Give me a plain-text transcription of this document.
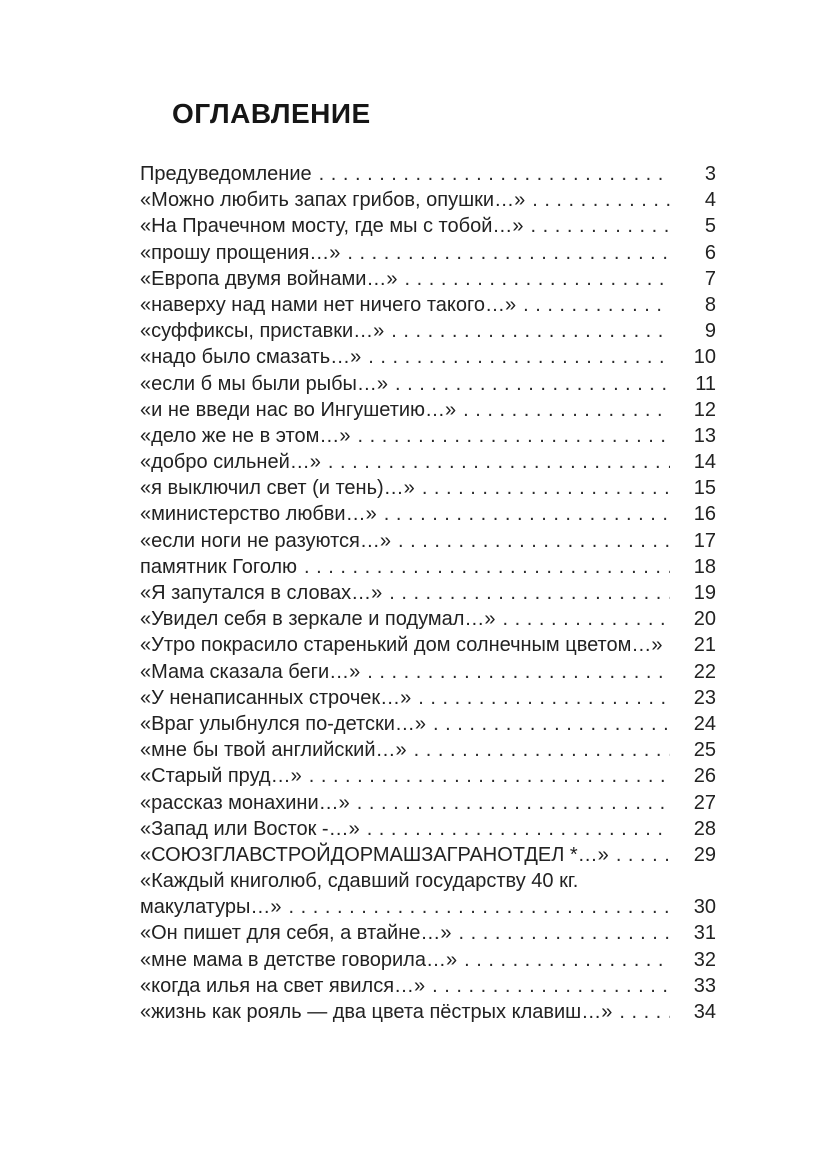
ОГЛАВЛЕНИЕ
Предуведомление . . .	3
«Можно любить запах грибов, опушки…» . . .	4
«На Прачечном мосту, где мы с тобой…» . . .	5
«прошу прощения…» . . .	6
«Европа двумя войнами…» . . .	7
«наверху над нами нет ничего такого…» . . .	8
«суффиксы, приставки…» . . .	9
«надо было смазать…» . . .	10
«если б мы были рыбы…» . . .	11
«и не введи нас во Ингушетию…» . . .	12
«дело же не в этом…» . . .	13
«добро сильней…» . . .	14
«я выключил свет (и тень)…» . . .	15
«министерство любви…» . . .	16
«если ноги не разуются…» . . .	17
памятник Гоголю . . .	18
«Я запутался в словах…» . . .	19
«Увидел себя в зеркале и подумал…» . . .	20
«Утро покрасило старенький дом солнечным цветом…» . . .	21
«Мама сказала беги…» . . .	22
«У ненаписанных строчек…» . . .	23
«Враг улыбнулся по-детски…» . . .	24
«мне бы твой английский…» . . .	25
«Старый пруд…» . . .	26
«рассказ монахини…» . . .	27
«Запад или Восток -…» . . .	28
«СОЮЗГЛАВСТРОЙДОРМАШЗАГРАНОТДЕЛ *…» . . .	29
«Каждый книголюб, сдавший государству 40 кг.
макулатуры…» . . .	30
«Он пишет для себя, а втайне…» . . .	31
«мне мама в детстве говорила…» . . .	32
«когда илья на свет явился…» . . .	33
«жизнь как рояль — два цвета пёстрых клавиш…» . . .	34
